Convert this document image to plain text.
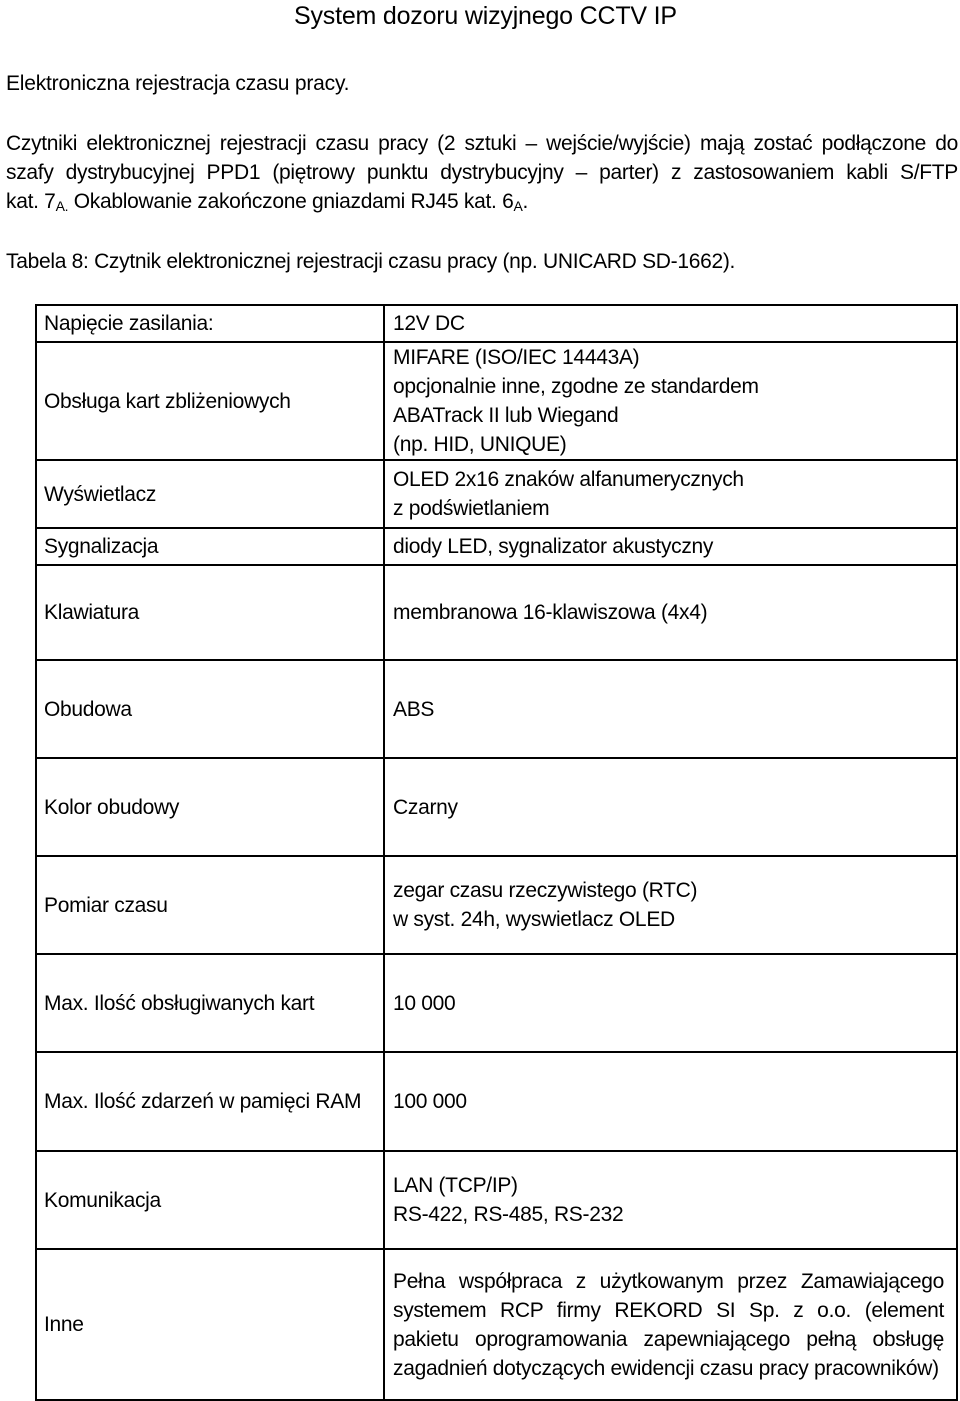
System dozoru wizyjnego CCTV IP
Elektroniczna rejestracja czasu pracy.
Czytniki elektronicznej rejestracji czasu pracy (2 sztuki – wejście/wyjście) mają zostać podłączone do
szafy dystrybucyjnej PPD1 (piętrowy punktu dystrybucyjny – parter) z zastosowaniem kabli S/FTP
kat. $7_{A.}$ Okablowanie zakończone gniazdami RJ45 kat. $6_A$.
Tabela 8: Czytnik elektronicznej rejestracji czasu pracy (np. UNICARD SD-1662).
Napięcie zasilania:	12V DC
Obsługa kart zbliżeniowych	MIFARE (ISO/IEC 14443A)
opcjonalnie inne, zgodne ze standardem
ABATrack II lub Wiegand
(np. HID, UNIQUE)

Wyświetlacz	OLED 2x16 znaków alfanumerycznych
z podświetlaniem

Sygnalizacja	diody LED, sygnalizator akustyczny
Klawiatura	membranowa 16-klawiszowa (4x4)
Obudowa	ABS
Kolor obudowy	Czarny
Pomiar czasu	zegar czasu rzeczywistego (RTC)
w syst. 24h, wyswietlacz OLED

Max. Ilość obsługiwanych kart	10 000
Max. Ilość zdarzeń w pamięci RAM	100 000
Komunikacja	LAN (TCP/IP)
RS-422, RS-485, RS-232

Inne	Pełna współpraca z użytkowanym przez Zamawiającego systemem RCP firmy REKORD SI Sp. z o.o. (element pakietu oprogramowania zapewniającego pełną obsługę zagadnień dotyczących ewidencji czasu pracy pracowników)
